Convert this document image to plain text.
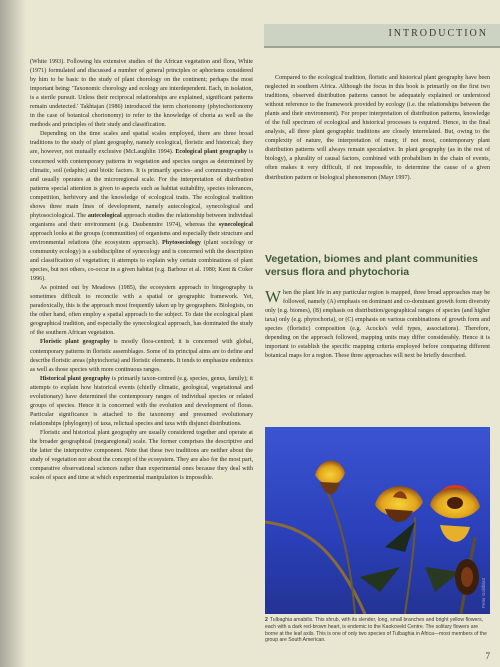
INTRODUCTION

(White 1993). Following his extensive studies of the African vegetation and flora, White (1971) formulated and discussed a number of general principles or aphorisms considered by him to be basic to the study of plant chorology on the continent; perhaps the most important being: 'Taxonomic chorology and ecology are interdependent. Each, in isolation, is a sterile pursuit. Unless their reciprocal relationships are explained, significant patterns remain undetected.' Takhtajan (1986) introduced the term chorionomy (phytochorionomy in the case of botanical chorionomy) to refer to the knowledge of choria as well as the methods and principles of their study and classification.

Depending on the time scales and spatial scales employed, there are three broad traditions to the study of plant geography, namely ecological, floristic and historical; they are, however, not mutually exclusive (McLaughlin 1994). Ecological plant geography is concerned with contemporary patterns in vegetation and species ranges as determined by climatic, soil (edaphic) and biotic factors. It is primarily species- and community-centred and usually operates at the microregional scale. For the interpretation of distribution patterns special attention is given to aspects such as habitat suitability, species tolerances, competition, herbivory and the knowledge of ecological traits. The ecological tradition shows three main lines of development, namely autecological, synecological and phytosociological. The autecological approach studies the relationship between individual organisms and their environment (e.g. Daubenmire 1974), whereas the synecological approach looks at the groups (communities) of organisms and especially their structure and environmental relations (the ecosystem approach). Phytosociology (plant sociology or community ecology) is a subdiscipline of synecology and is concerned with the description and classification of vegetation; it attempts to explain why certain combinations of plant species, but not others, co-occur in a given habitat (e.g. Barbour et al. 1980; Kent & Coker 1996).

As pointed out by Meadows (1985), the ecosystem approach to biogeography is sometimes difficult to reconcile with a spatial or geographic framework. Yet, paradoxically, this is the approach most frequently taken up by geographers. Biologists, on the other hand, often employ a spatial approach to the subject. To date the ecological plant geographical tradition, and especially the synecological approach, has dominated the study of the southern African vegetation.

Floristic plant geography is mostly flora-centred; it is concerned with global, contemporary patterns in floristic assemblages. Some of its principal aims are to define and describe floristic areas (phytochoria) and floristic elements. It tends to emphasize endemics as well as those species with more continuous ranges.

Historical plant geography is primarily taxon-centred (e.g. species, genus, family); it attempts to explain how historical events (chiefly climatic, geological, vegetational and evolutionary) have determined the contemporary ranges of individual species or related groups of species. Hence it is concerned with the evolution and development of floras. Particular significance is attached to the taxonomy and presumed evolutionary relationships (phylogeny) of taxa, relictual species and taxa with disjunct distributions.

Floristic and historical plant geography are usually considered together and operate at the broader geographical (megaregional) scale. The former comprises the descriptive and the latter the interpretive component. Note that these two traditions are neither about the study of vegetation nor about the concept of the ecosystem. They are also for the most part, comparative observational sciences rather than experimental ones because they deal with scales of space and time at which experimental manipulation is impossible.

Compared to the ecological tradition, floristic and historical plant geography have been neglected in southern Africa. Although the focus in this book is primarily on the first two traditions, observed distribution patterns cannot be adequately explained or understood without reference to the framework provided by ecology (i.e. the relationships between the plants and their environment). For proper interpretation of distribution patterns, knowledge of the full spectrum of ecological and historical processes is required. Hence, in the final analysis, all three plant geographic traditions are closely interrelated. But, owing to the complexity of nature, the interpretation of many, if not most, contemporary plant distribution patterns will always remain speculative. In plant geography (as in the rest of biology), a plurality of causal factors, combined with probabilism in the chain of events, often makes it very difficult, if not impossible, to determine the cause of a given distribution pattern or biological phenomenon (Mayr 1997).

Vegetation, biomes and plant communities versus flora and phytochoria

When the plant life in any particular region is mapped, three broad approaches may be followed, namely (A) emphasis on dominant and co-dominant growth form diversity only (e.g. biomes), (B) emphasis on distribution/geographical ranges of species (and higher taxa) only (e.g. phytochoria), or (C) emphasis on various combinations of growth form and species (floristic) composition (e.g. Acocks's veld types, associations). Therefore, depending on the approach followed, mapping units may differ considerably. Hence it is important to establish the specific mapping criteria employed before comparing different botanical maps for a region. These three approaches will next be briefly described.

Peter Goldblatt
2 Tulbaghia amabilis. This shrub, with its slender, long, small branches and bright yellow flowers, each with a dark red-brown heart, is endemic to the Kaokoveld Centre. The solitary flowers are borne at the leaf axils. This is one of only two species of Tulbaghia in Africa—most members of the group are South American.
7
